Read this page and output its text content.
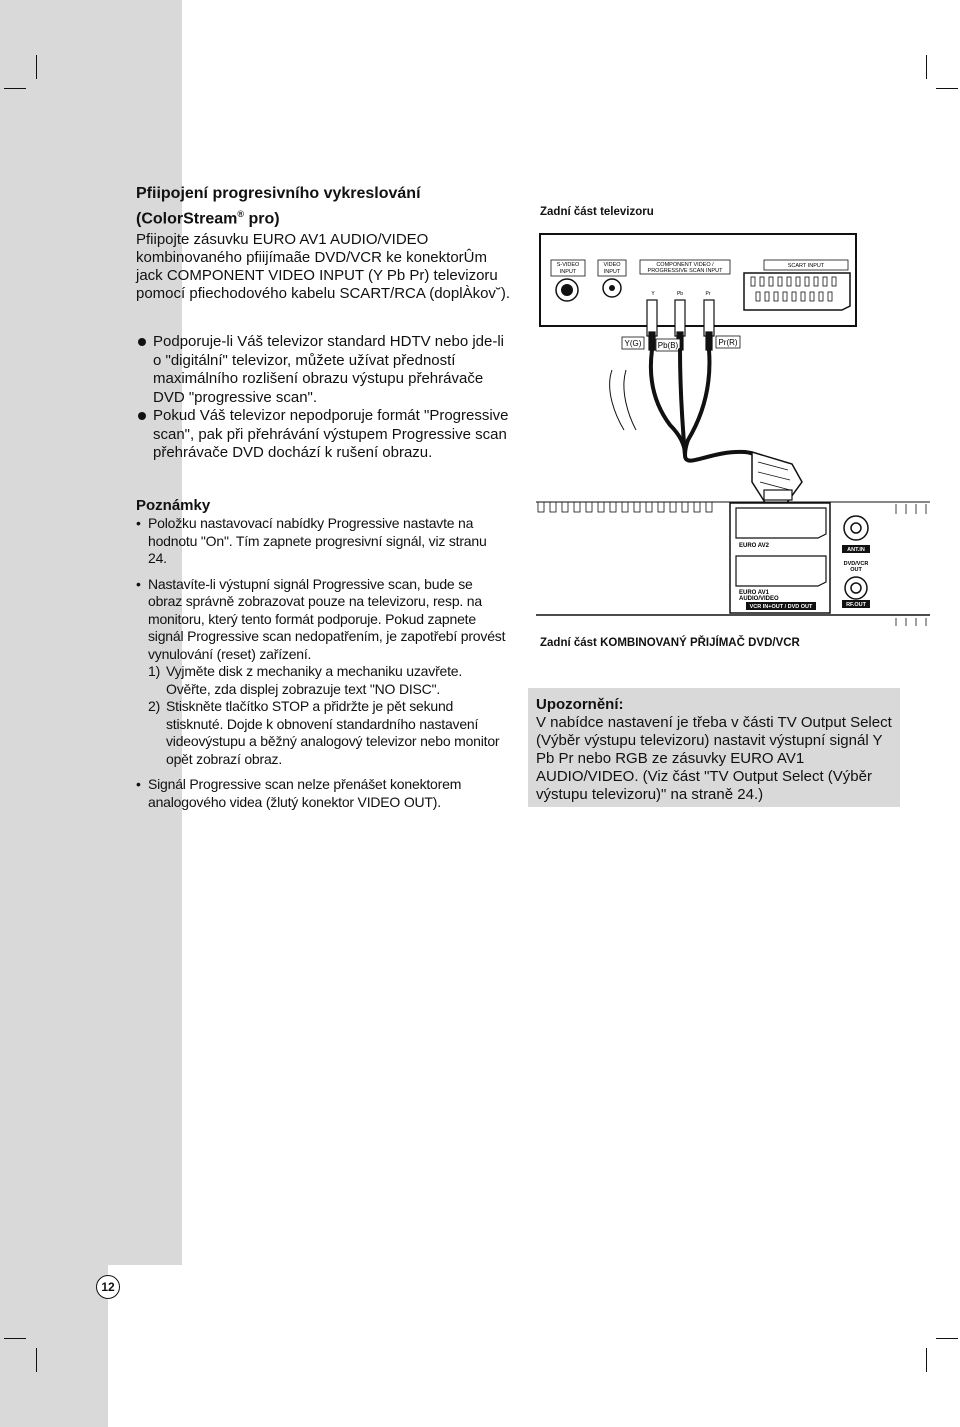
Pfiipojení progresivního vykreslování
(ColorStream® pro)
Pfiipojte zásuvku EURO AV1 AUDIO/VIDEO kombinovaného pfiijímaãe DVD/VCR ke konektorÛm jack COMPONENT VIDEO INPUT (Y Pb Pr) televizoru pomocí pfiechodového kabelu SCART/RCA (doplÀkov˘).
Podporuje-li Váš televizor standard HDTV nebo jde-li o "digitální" televizor, můžete užívat předností maximálního rozlišení obrazu výstupu přehrávače DVD "progressive scan".
Pokud Váš televizor nepodporuje formát "Progressive scan", pak při přehrávání výstupem Progressive scan přehrávače DVD dochází k rušení obrazu.
Poznámky
• Položku nastavovací nabídky Progressive nastavte na hodnotu "On". Tím zapnete progresivní signál, viz stranu 24.
• Nastavíte-li výstupní signál Progressive scan, bude se obraz správně zobrazovat pouze na televizoru, resp. na monitoru, který tento formát podporuje. Pokud zapnete signál Progressive scan nedopatřením, je zapotřebí provést vynulování (reset) zařízení.
1) Vyjměte disk z mechaniky a mechaniku uzavřete. Ověřte, zda displej zobrazuje text "NO DISC".
2) Stiskněte tlačítko STOP a přidržte je pět sekund stisknuté. Dojde k obnovení standardního nastavení videovýstupu a běžný analogový televizor nebo monitor opět zobrazí obraz.
• Signál Progressive scan nelze přenášet konektorem analogového videa (žlutý konektor VIDEO OUT).
Zadní část televizoru
S-VIDEO
INPUT
VIDEO
INPUT
COMPONENT VIDEO /
PROGRESSIVE SCAN INPUT
Y	Pb	Pr
SCART INPUT
Y(G) Pb(B)	Pr(R)
EURO AV2
EURO AV1
AUDIO/VIDEO
VCR IN+OUT / DVD OUT
ANT.IN
DVD/VCR
OUT
RF.OUT
Zadní část KOMBINOVANÝ PŘIJÍMAČ DVD/VCR
Upozornění:
V nabídce nastavení je třeba v části TV Output Select (Výběr výstupu televizoru) nastavit výstupní signál Y Pb Pr nebo RGB ze zásuvky EURO AV1 AUDIO/VIDEO. (Viz část "TV Output Select (Výběr výstupu televizoru)" na straně 24.)
12
